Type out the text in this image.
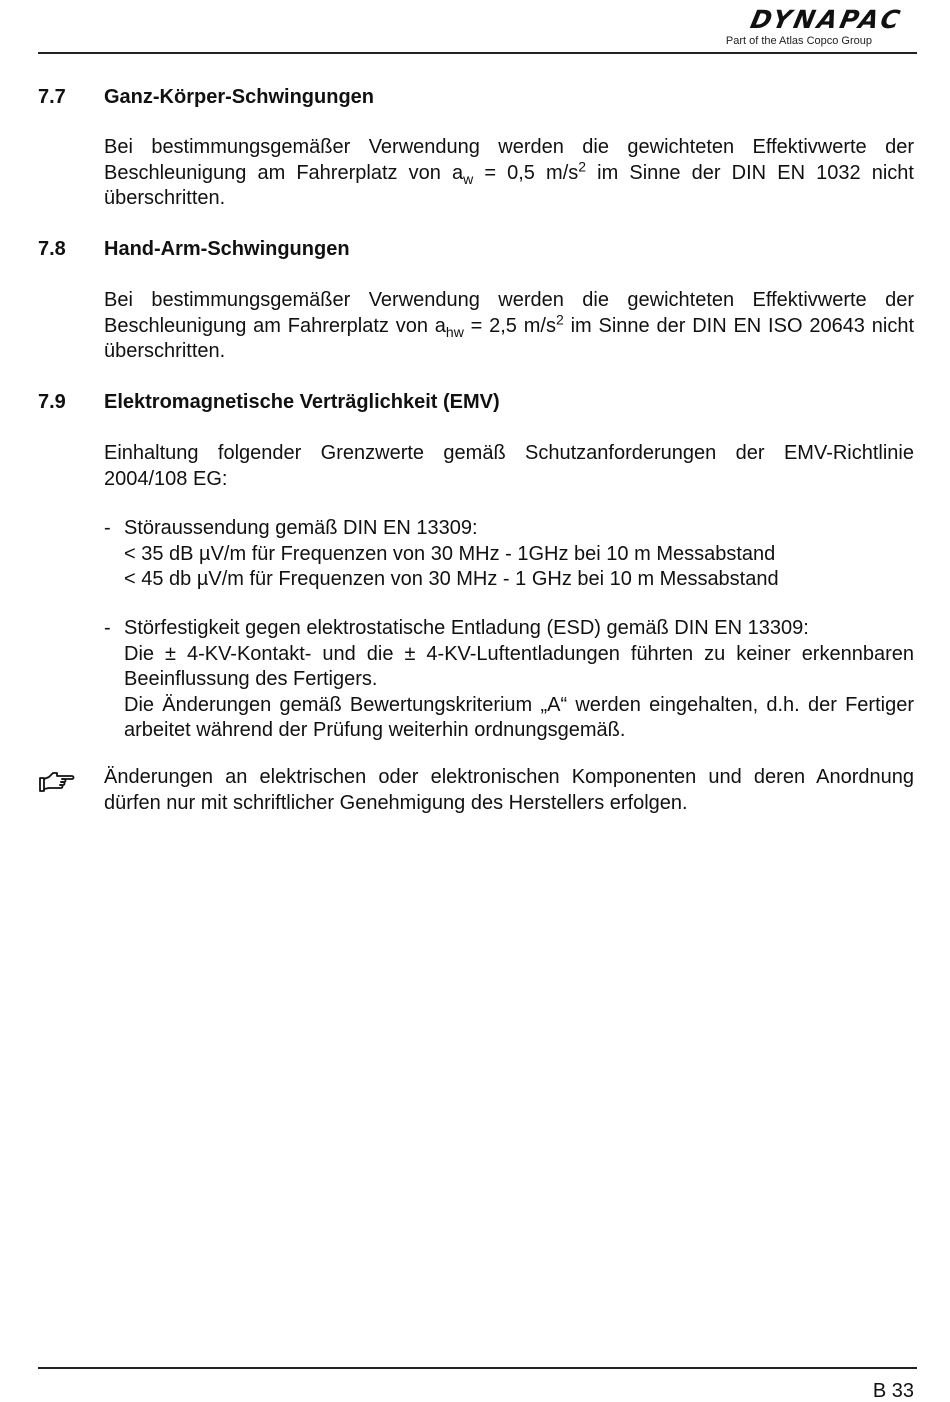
DYNAPAC
Part of the Atlas Copco Group
7.7 Ganz-Körper-Schwingungen
Bei bestimmungsgemäßer Verwendung werden die gewichteten Effektivwerte der Beschleunigung am Fahrerplatz von $a_w = 0,5$ $m/s^2$ im Sinne der DIN EN 1032 nicht überschritten.
7.8 Hand-Arm-Schwingungen
Bei bestimmungsgemäßer Verwendung werden die gewichteten Effektivwerte der Beschleunigung am Fahrerplatz von $a_{hw} = 2,5$ $m/s^2$ im Sinne der DIN EN ISO 20643 nicht überschritten.
7.9 Elektromagnetische Verträglichkeit (EMV)
Einhaltung folgender Grenzwerte gemäß Schutzanforderungen der EMV-Richtlinie 2004/108 EG:
- Störaussendung gemäß DIN EN 13309:
< 35 dB µV/m für Frequenzen von 30 MHz - 1GHz bei 10 m Messabstand
< 45 db µV/m für Frequenzen von 30 MHz - 1 GHz bei 10 m Messabstand
- Störfestigkeit gegen elektrostatische Entladung (ESD) gemäß DIN EN 13309:
Die ± 4-KV-Kontakt- und die ± 4-KV-Luftentladungen führten zu keiner erkennbaren Beeinflussung des Fertigers.
Die Änderungen gemäß Bewertungskriterium „A“ werden eingehalten, d.h. der Fertiger arbeitet während der Prüfung weiterhin ordnungsgemäß.
Änderungen an elektrischen oder elektronischen Komponenten und deren Anordnung dürfen nur mit schriftlicher Genehmigung des Herstellers erfolgen.
B 33
